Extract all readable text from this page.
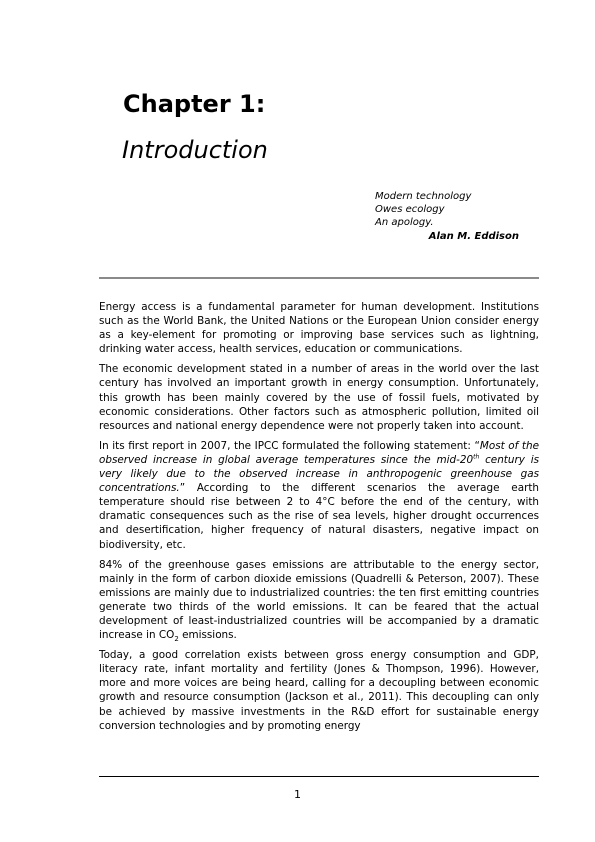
Chapter 1:
Introduction
Modern technology
Owes ecology
An apology.
Alan M. Eddison

Energy access is a fundamental parameter for human development. Institutions such as the World Bank, the United Nations or the European Union consider energy as a key-element for promoting or improving base services such as lightning, drinking water access, health services, education or communications.

The economic development stated in a number of areas in the world over the last century has involved an important growth in energy consumption. Unfortunately, this growth has been mainly covered by the use of fossil fuels, motivated by economic considerations. Other factors such as atmospheric pollution, limited oil resources and national energy dependence were not properly taken into account.

In its first report in 2007, the IPCC formulated the following statement: “Most of the observed increase in global average temperatures since the mid-20th century is very likely due to the observed increase in anthropogenic greenhouse gas concentrations.” According to the different scenarios the average earth temperature should rise between 2 to 4°C before the end of the century, with dramatic consequences such as the rise of sea levels, higher drought occurrences and desertification, higher frequency of natural disasters, negative impact on biodiversity, etc.

84% of the greenhouse gases emissions are attributable to the energy sector, mainly in the form of carbon dioxide emissions (Quadrelli & Peterson, 2007). These emissions are mainly due to industrialized countries: the ten first emitting countries generate two thirds of the world emissions. It can be feared that the actual development of least-industrialized countries will be accompanied by a dramatic increase in $CO_2$ emissions.

Today, a good correlation exists between gross energy consumption and GDP, literacy rate, infant mortality and fertility (Jones & Thompson, 1996). However, more and more voices are being heard, calling for a decoupling between economic growth and resource consumption (Jackson et al., 2011). This decoupling can only be achieved by massive investments in the R&D effort for sustainable energy conversion technologies and by promoting energy

1
